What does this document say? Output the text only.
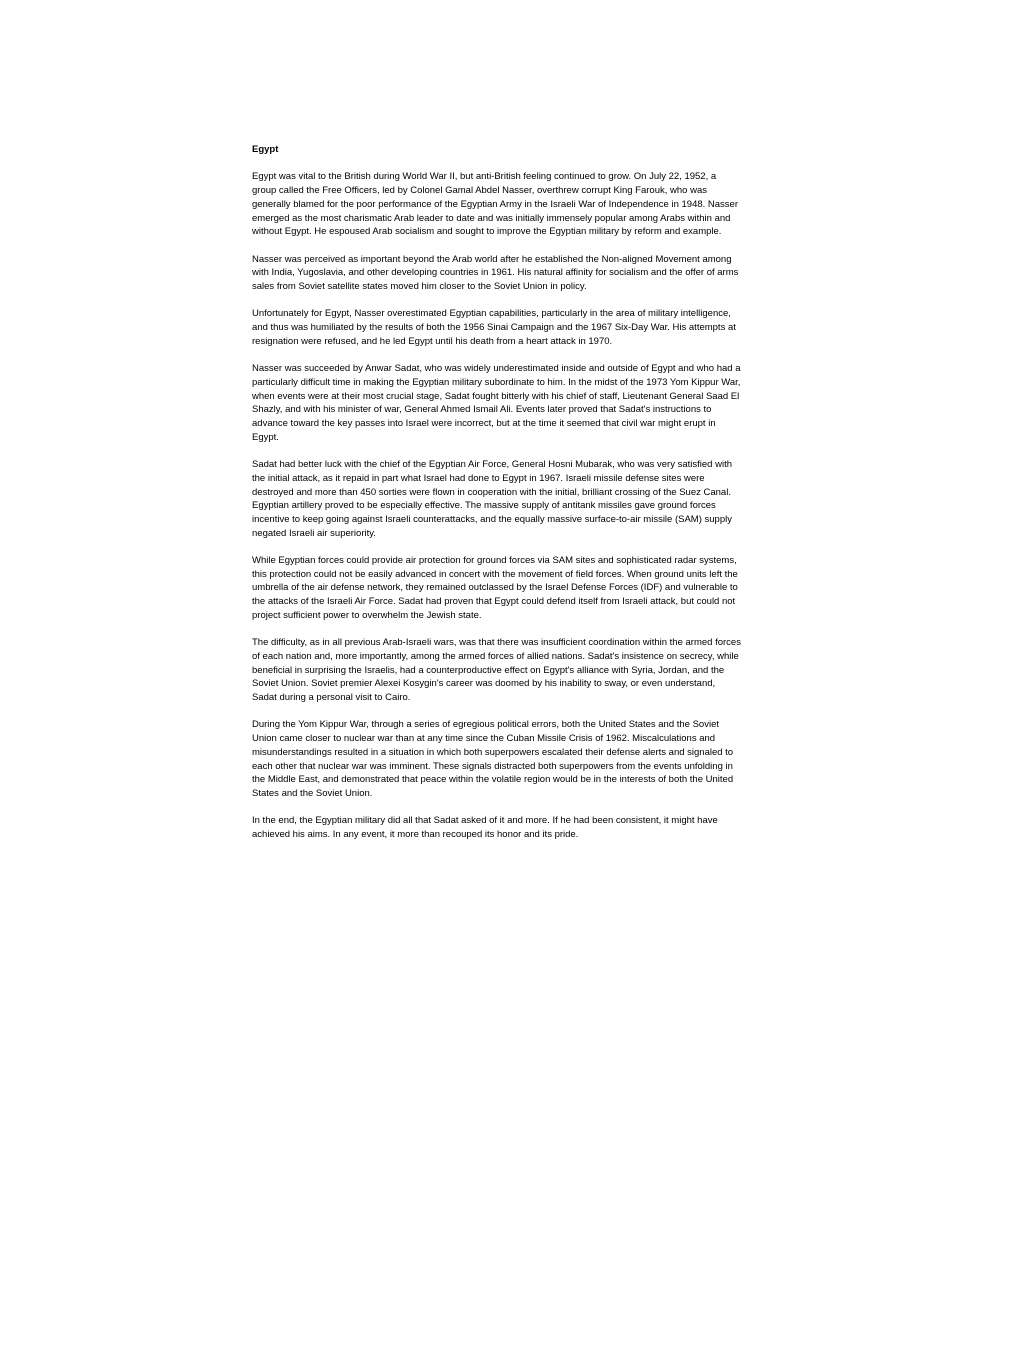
Egypt

Egypt was vital to the British during World War II, but anti-British feeling continued to grow. On July 22, 1952, a group called the Free Officers, led by Colonel Gamal Abdel Nasser, overthrew corrupt King Farouk, who was generally blamed for the poor performance of the Egyptian Army in the Israeli War of Independence in 1948. Nasser emerged as the most charismatic Arab leader to date and was initially immensely popular among Arabs within and without Egypt. He espoused Arab socialism and sought to improve the Egyptian military by reform and example.

Nasser was perceived as important beyond the Arab world after he established the Non-aligned Movement among with India, Yugoslavia, and other developing countries in 1961. His natural affinity for socialism and the offer of arms sales from Soviet satellite states moved him closer to the Soviet Union in policy.

Unfortunately for Egypt, Nasser overestimated Egyptian capabilities, particularly in the area of military intelligence, and thus was humiliated by the results of both the 1956 Sinai Campaign and the 1967 Six-Day War. His attempts at resignation were refused, and he led Egypt until his death from a heart attack in 1970.

Nasser was succeeded by Anwar Sadat, who was widely underestimated inside and outside of Egypt and who had a particularly difficult time in making the Egyptian military subordinate to him. In the midst of the 1973 Yom Kippur War, when events were at their most crucial stage, Sadat fought bitterly with his chief of staff, Lieutenant General Saad El Shazly, and with his minister of war, General Ahmed Ismail Ali. Events later proved that Sadat's instructions to advance toward the key passes into Israel were incorrect, but at the time it seemed that civil war might erupt in Egypt.

Sadat had better luck with the chief of the Egyptian Air Force, General Hosni Mubarak, who was very satisfied with the initial attack, as it repaid in part what Israel had done to Egypt in 1967. Israeli missile defense sites were destroyed and more than 450 sorties were flown in cooperation with the initial, brilliant crossing of the Suez Canal. Egyptian artillery proved to be especially effective. The massive supply of antitank missiles gave ground forces incentive to keep going against Israeli counterattacks, and the equally massive surface-to-air missile (SAM) supply negated Israeli air superiority.

While Egyptian forces could provide air protection for ground forces via SAM sites and sophisticated radar systems, this protection could not be easily advanced in concert with the movement of field forces. When ground units left the umbrella of the air defense network, they remained outclassed by the Israel Defense Forces (IDF) and vulnerable to the attacks of the Israeli Air Force. Sadat had proven that Egypt could defend itself from Israeli attack, but could not project sufficient power to overwhelm the Jewish state.

The difficulty, as in all previous Arab-Israeli wars, was that there was insufficient coordination within the armed forces of each nation and, more importantly, among the armed forces of allied nations. Sadat's insistence on secrecy, while beneficial in surprising the Israelis, had a counterproductive effect on Egypt's alliance with Syria, Jordan, and the Soviet Union. Soviet premier Alexei Kosygin's career was doomed by his inability to sway, or even understand, Sadat during a personal visit to Cairo.

During the Yom Kippur War, through a series of egregious political errors, both the United States and the Soviet Union came closer to nuclear war than at any time since the Cuban Missile Crisis of 1962. Miscalculations and misunderstandings resulted in a situation in which both superpowers escalated their defense alerts and signaled to each other that nuclear war was imminent. These signals distracted both superpowers from the events unfolding in the Middle East, and demonstrated that peace within the volatile region would be in the interests of both the United States and the Soviet Union.

In the end, the Egyptian military did all that Sadat asked of it and more. If he had been consistent, it might have achieved his aims. In any event, it more than recouped its honor and its pride.
